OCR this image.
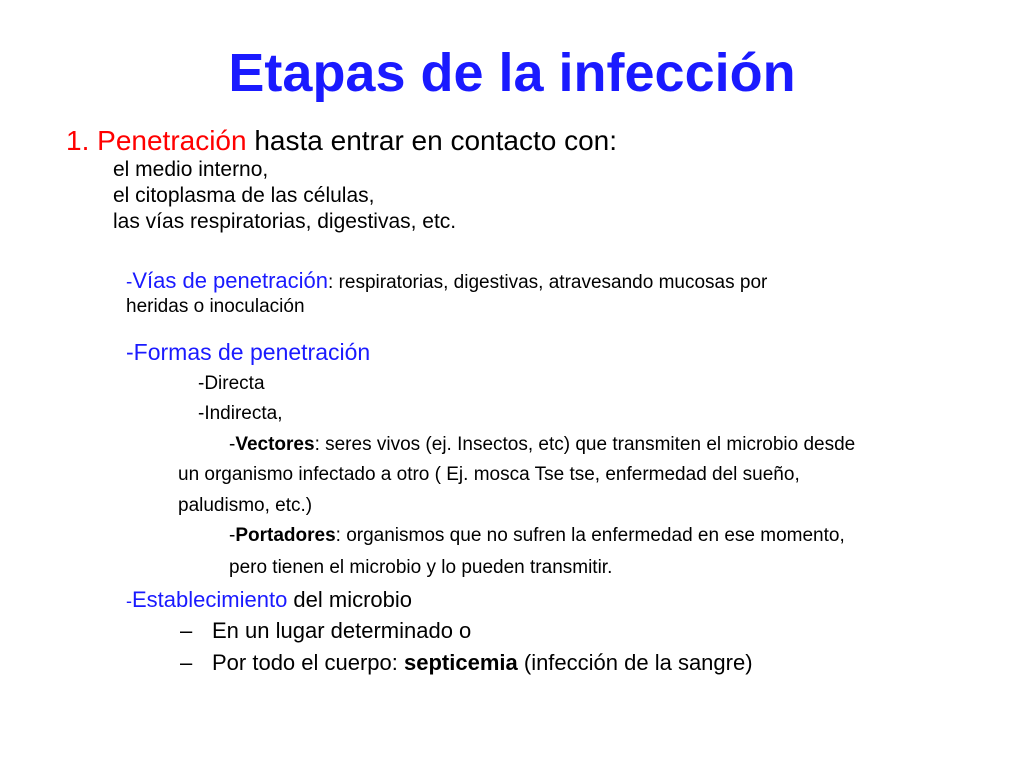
Etapas de la infección
1. Penetración hasta entrar en contacto con:
el medio interno,
el citoplasma de las células,
las vías respiratorias, digestivas, etc.
-Vías de penetración: respiratorias, digestivas, atravesando mucosas por
heridas o inoculación
-Formas de penetración
-Directa
-Indirecta,
-Vectores: seres vivos (ej. Insectos, etc) que transmiten el microbio desde
un organismo infectado a otro ( Ej. mosca Tse tse, enfermedad del sueño,
paludismo, etc.)
-Portadores: organismos que no sufren la enfermedad en ese momento,
pero tienen el microbio y lo pueden transmitir.
-Establecimiento del microbio
– En un lugar determinado o
– Por todo el cuerpo: septicemia (infección de la sangre)
